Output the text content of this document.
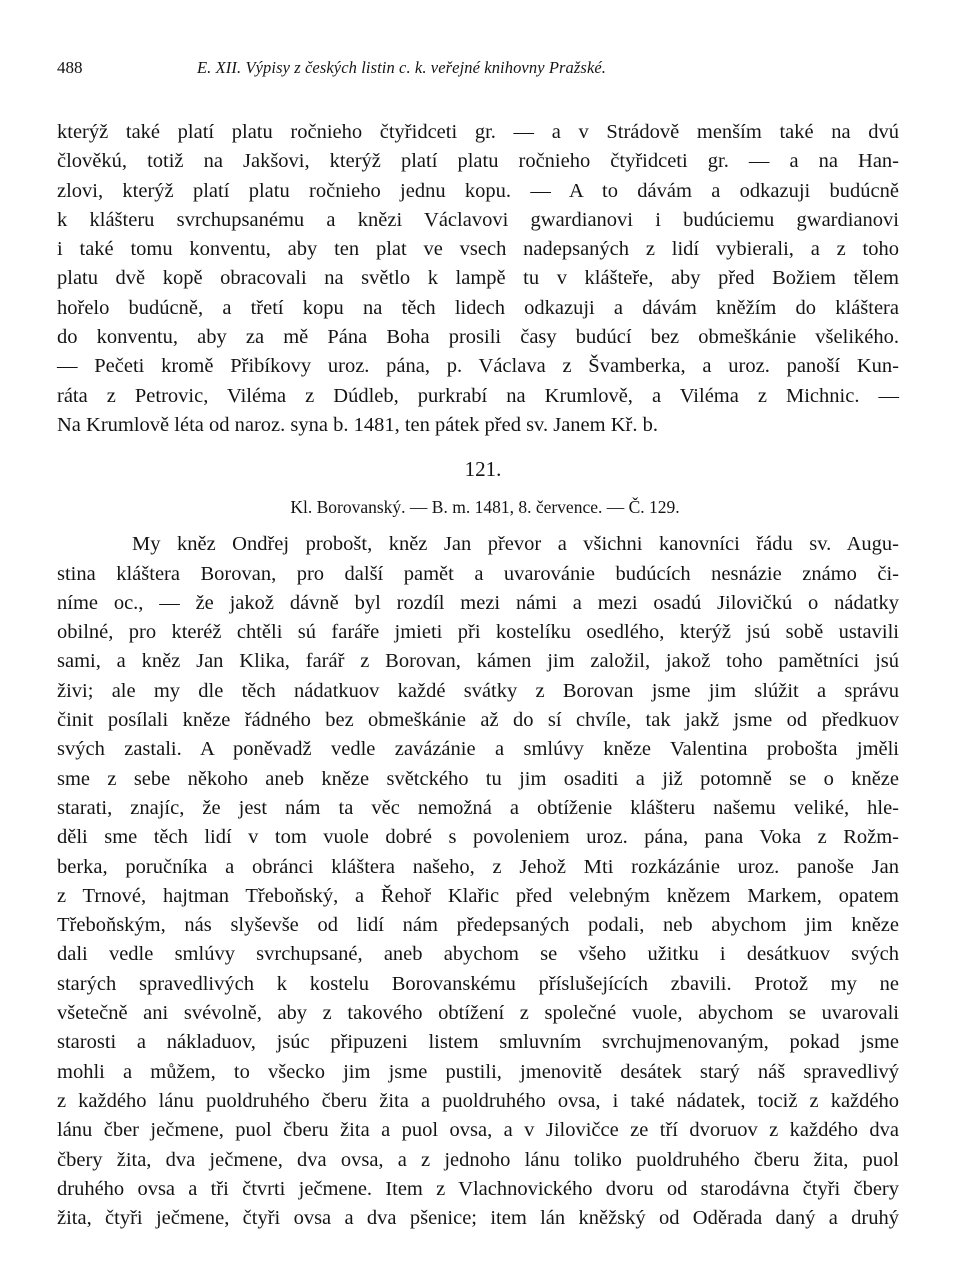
488	E. XII. Výpisy z českých listin c. k. veřejné knihovny Pražské.
kterýž také platí platu ročnieho čtyřidceti gr. — a v Strádově menším také na dvú
člověkú, totiž na Jakšovi, kterýž platí platu ročnieho čtyřidceti gr. — a na Han-
zlovi, kterýž platí platu ročnieho jednu kopu. — A to dávám a odkazuji budúcně
k klášteru svrchupsanému a knězi Václavovi gwardianovi i budúciemu gwardianovi
i také tomu konventu, aby ten plat ve vsech nadepsaných z lidí vybierali, a z toho
platu dvě kopě obracovali na světlo k lampě tu v klášteře, aby před Božiem tělem
hořelo budúcně, a třetí kopu na těch lidech odkazuji a dávám kněžím do kláštera
do konventu, aby za mě Pána Boha prosili časy budúcí bez obmeškánie všelikého.
— Pečeti kromě Přibíkovy uroz. pána, p. Václava z Švamberka, a uroz. panoší Kun-
ráta z Petrovic, Viléma z Dúdleb, purkrabí na Krumlově, a Viléma z Michnic. —
Na Krumlově léta od naroz. syna b. 1481, ten pátek před sv. Janem Kř. b.
121.
Kl. Borovanský. — B. m. 1481, 8. července. — Č. 129.
My kněz Ondřej probošt, kněz Jan převor a všichni kanovníci řádu sv. Augu-
stina kláštera Borovan, pro další pamět a uvarovánie budúcích nesnázie známo či-
níme oc., — že jakož dávně byl rozdíl mezi námi a mezi osadú Jilovičkú o nádatky
obilné, pro kteréž chtěli sú faráře jmieti při kostelíku osedlého, kterýž jsú sobě ustavili
sami, a kněz Jan Klika, farář z Borovan, kámen jim založil, jakož toho pamětníci jsú
živi; ale my dle těch nádatkuov každé svátky z Borovan jsme jim slúžit a správu
činit posílali kněze řádného bez obmeškánie až do sí chvíle, tak jakž jsme od předkuov
svých zastali. A poněvadž vedle zavázánie a smlúvy kněze Valentina probošta jměli
sme z sebe někoho aneb kněze světckého tu jim osaditi a již potomně se o kněze
starati, znajíc, že jest nám ta věc nemožná a obtíženie klášteru našemu veliké, hle-
děli sme těch lidí v tom vuole dobré s povoleniem uroz. pána, pana Voka z Rožm-
berka, poručníka a obránci kláštera našeho, z Jehož Mti rozkázánie uroz. panoše Jan
z Trnové, hajtman Třeboňský, a Řehoř Klařic před velebným knězem Markem, opatem
Třeboňským, nás slyševše od lidí nám předepsaných podali, neb abychom jim kněze
dali vedle smlúvy svrchupsané, aneb abychom se všeho užitku i desátkuov svých
starých spravedlivých k kostelu Borovanskému příslušejících zbavili. Protož my ne
všetečně ani svévolně, aby z takového obtížení z společné vuole, abychom se uvarovali
starosti a nákladuov, jsúc připuzeni listem smluvním svrchujmenovaným, pokad jsme
mohli a můžem, to všecko jim jsme pustili, jmenovitě desátek starý náš spravedlivý
z každého lánu puoldruhého čberu žita a puoldruhého ovsa, i také nádatek, tociž z každého
lánu čber ječmene, puol čberu žita a puol ovsa, a v Jilovičce ze tří dvoruov z každého dva
čbery žita, dva ječmene, dva ovsa, a z jednoho lánu toliko puoldruhého čberu žita, puol
druhého ovsa a tři čtvrti ječmene. Item z Vlachnovického dvoru od starodávna čtyři čbery
žita, čtyři ječmene, čtyři ovsa a dva pšenice; item lán kněžský od Oděrada daný a druhý
